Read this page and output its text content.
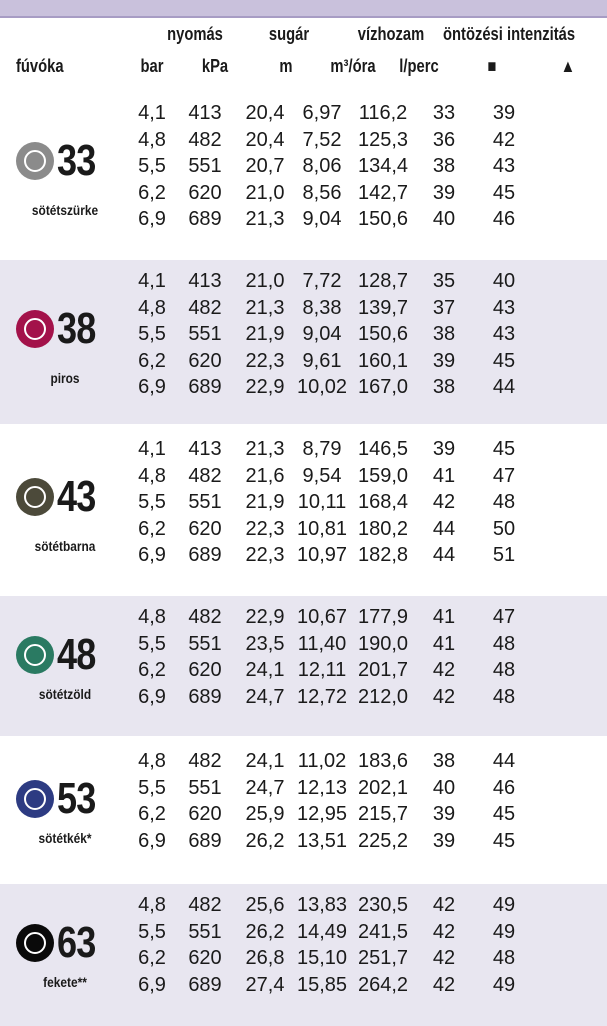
nyomás	sugár	vízhozam öntözési intenzitás
fúvóka	bar	kPa	m	m³/óra l/perc	■	▲
33
sötétszürke
4,1	413	20,4 6,97 116,2	33	39
4,8	482	20,4 7,52 125,3	36	42
5,5	551	20,7 8,06 134,4	38	43
6,2	620	21,0 8,56 142,7	39	45
6,9	689	21,3 9,04 150,6	40	46
38
piros
4,1	413	21,0 7,72 128,7	35	40
4,8	482	21,3 8,38 139,7	37	43
5,5	551	21,9 9,04 150,6	38	43
6,2	620	22,3 9,61 160,1	39	45
6,9	689	22,9 10,02 167,0	38	44
43
sötétbarna
4,1	413	21,3 8,79 146,5	39	45
4,8	482	21,6 9,54 159,0	41	47
5,5	551	21,9 10,11 168,4	42	48
6,2	620	22,3 10,81 180,2	44	50
6,9	689	22,3 10,97 182,8	44	51
48
sötétzöld
4,8	482	22,9 10,67 177,9	41	47
5,5	551	23,5 11,40 190,0	41	48
6,2	620	24,1 12,11 201,7	42	48
6,9	689	24,7 12,72 212,0	42	48
53
sötétkék*
4,8	482	24,1 11,02 183,6	38	44
5,5	551	24,7 12,13 202,1	40	46
6,2	620	25,9 12,95 215,7	39	45
6,9	689	26,2 13,51 225,2	39	45
63
fekete**
4,8	482	25,6 13,83 230,5	42	49
5,5	551	26,2 14,49 241,5	42	49
6,2	620	26,8 15,10 251,7	42	48
6,9	689	27,4 15,85 264,2	42	49
